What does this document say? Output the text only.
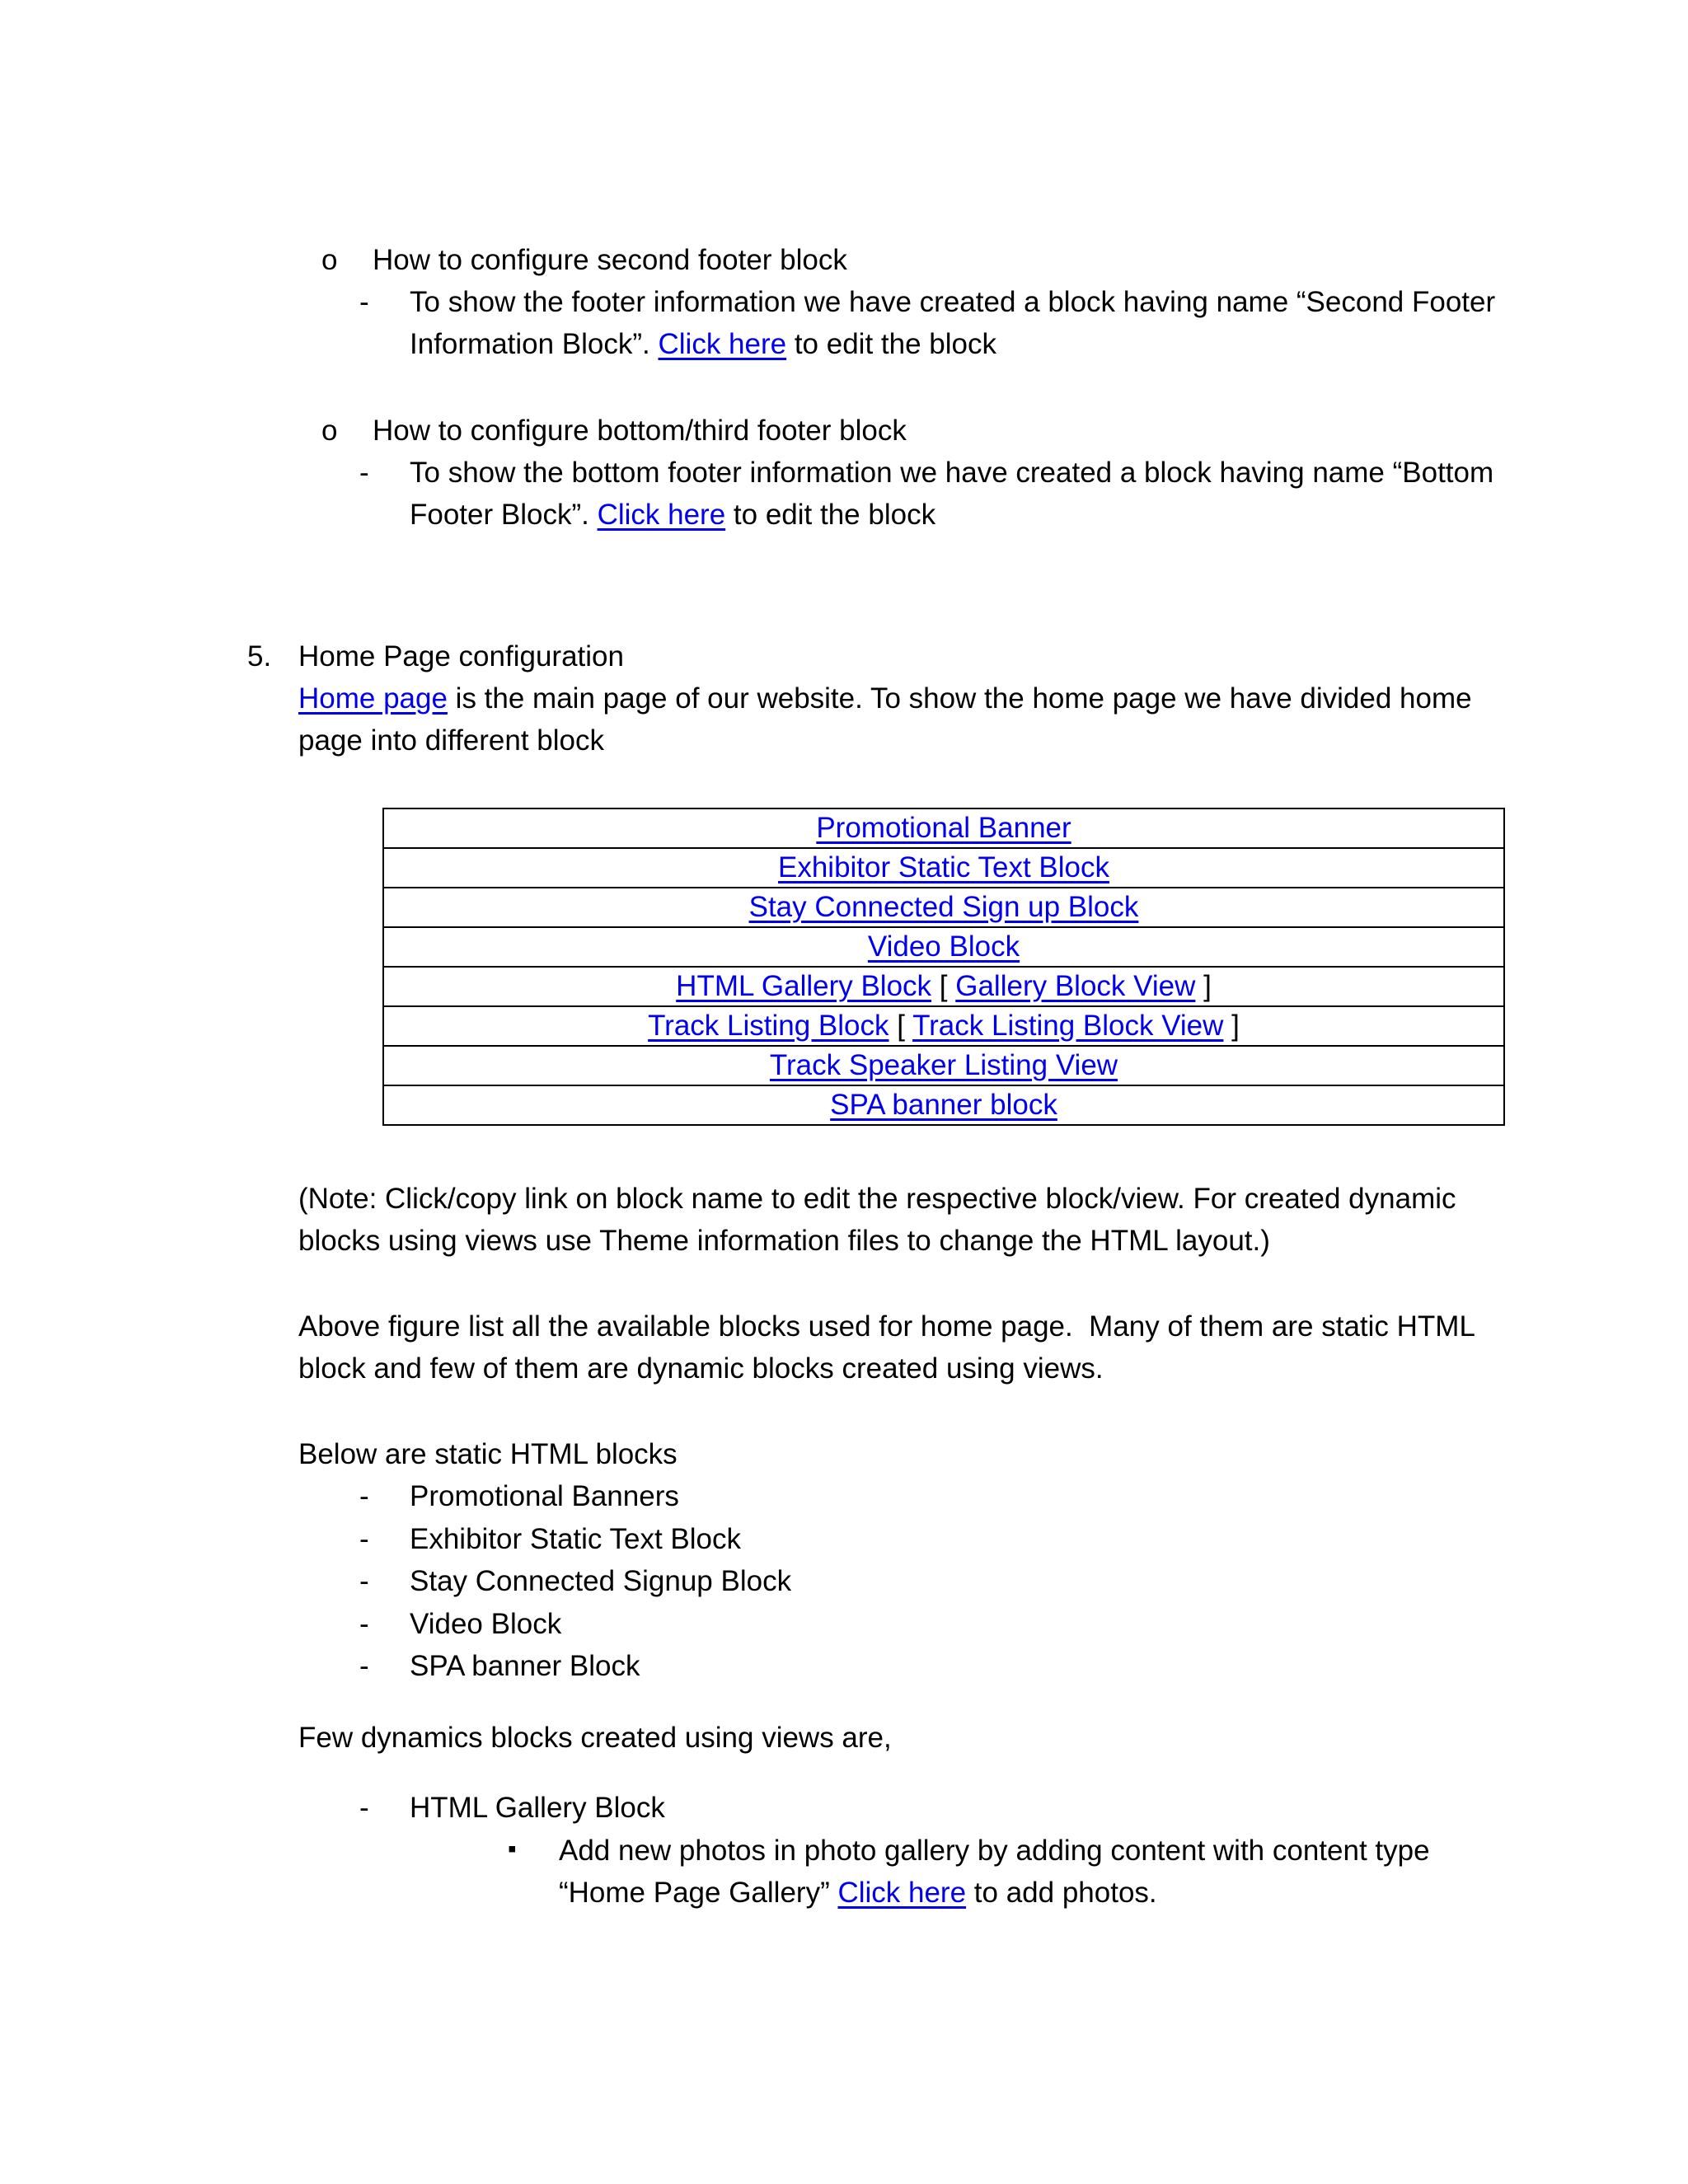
o How to configure second footer block
- To show the footer information we have created a block having name “Second Footer
Information Block”. Click here to edit the block
o How to configure bottom/third footer block
- To show the bottom footer information we have created a block having name “Bottom
Footer Block”. Click here to edit the block
5. Home Page configuration
Home page is the main page of our website. To show the home page we have divided home
page into different block
Promotional Banner
Exhibitor Static Text Block
Stay Connected Sign up Block
Video Block
HTML Gallery Block [ Gallery Block View ]
Track Listing Block [ Track Listing Block View ]
Track Speaker Listing View
SPA banner block
(Note: Click/copy link on block name to edit the respective block/view. For created dynamic
blocks using views use Theme information files to change the HTML layout.)
Above figure list all the available blocks used for home page.  Many of them are static HTML
block and few of them are dynamic blocks created using views.
Below are static HTML blocks
- Promotional Banners
- Exhibitor Static Text Block
- Stay Connected Signup Block
- Video Block
- SPA banner Block
Few dynamics blocks created using views are,
- HTML Gallery Block
▪ Add new photos in photo gallery by adding content with content type
“Home Page Gallery” Click here to add photos.
